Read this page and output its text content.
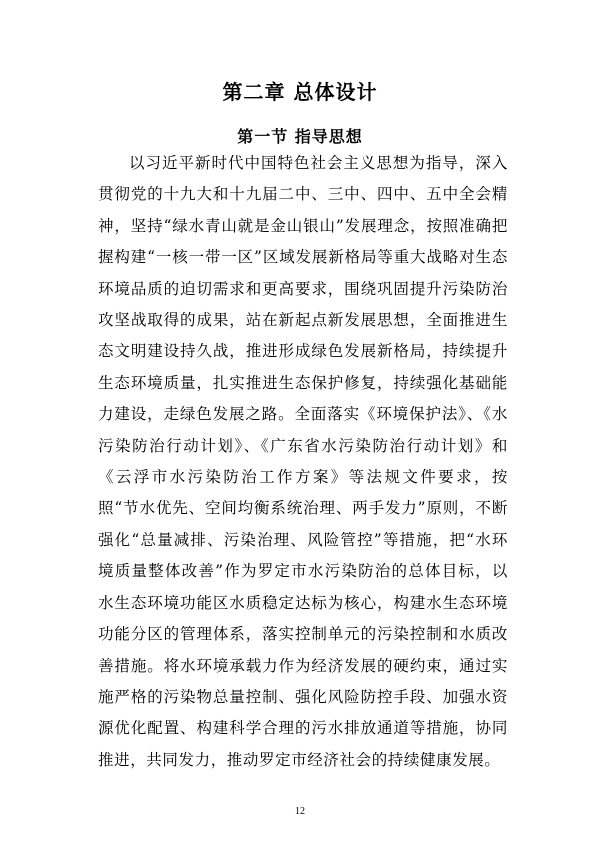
第二章 总体设计
第一节 指导思想

以习近平新时代中国特色社会主义思想为指导，深入贯彻党的十九大和十九届二中、三中、四中、五中全会精神，坚持“绿水青山就是金山银山”发展理念，按照准确把握构建“一核一带一区”区域发展新格局等重大战略对生态环境品质的迫切需求和更高要求，围绕巩固提升污染防治攻坚战取得的成果，站在新起点新发展思想，全面推进生态文明建设持久战，推进形成绿色发展新格局，持续提升生态环境质量，扎实推进生态保护修复，持续强化基础能力建设，走绿色发展之路。全面落实《环境保护法》、《水污染防治行动计划》、《广东省水污染防治行动计划》和《云浮市水污染防治工作方案》等法规文件要求，按照“节水优先、空间均衡系统治理、两手发力”原则，不断强化“总量减排、污染治理、风险管控”等措施，把“水环境质量整体改善”作为罗定市水污染防治的总体目标，以水生态环境功能区水质稳定达标为核心，构建水生态环境功能分区的管理体系，落实控制单元的污染控制和水质改善措施。将水环境承载力作为经济发展的硬约束，通过实施严格的污染物总量控制、强化风险防控手段、加强水资源优化配置、构建科学合理的污水排放通道等措施，协同推进，共同发力，推动罗定市经济社会的持续健康发展。

12
